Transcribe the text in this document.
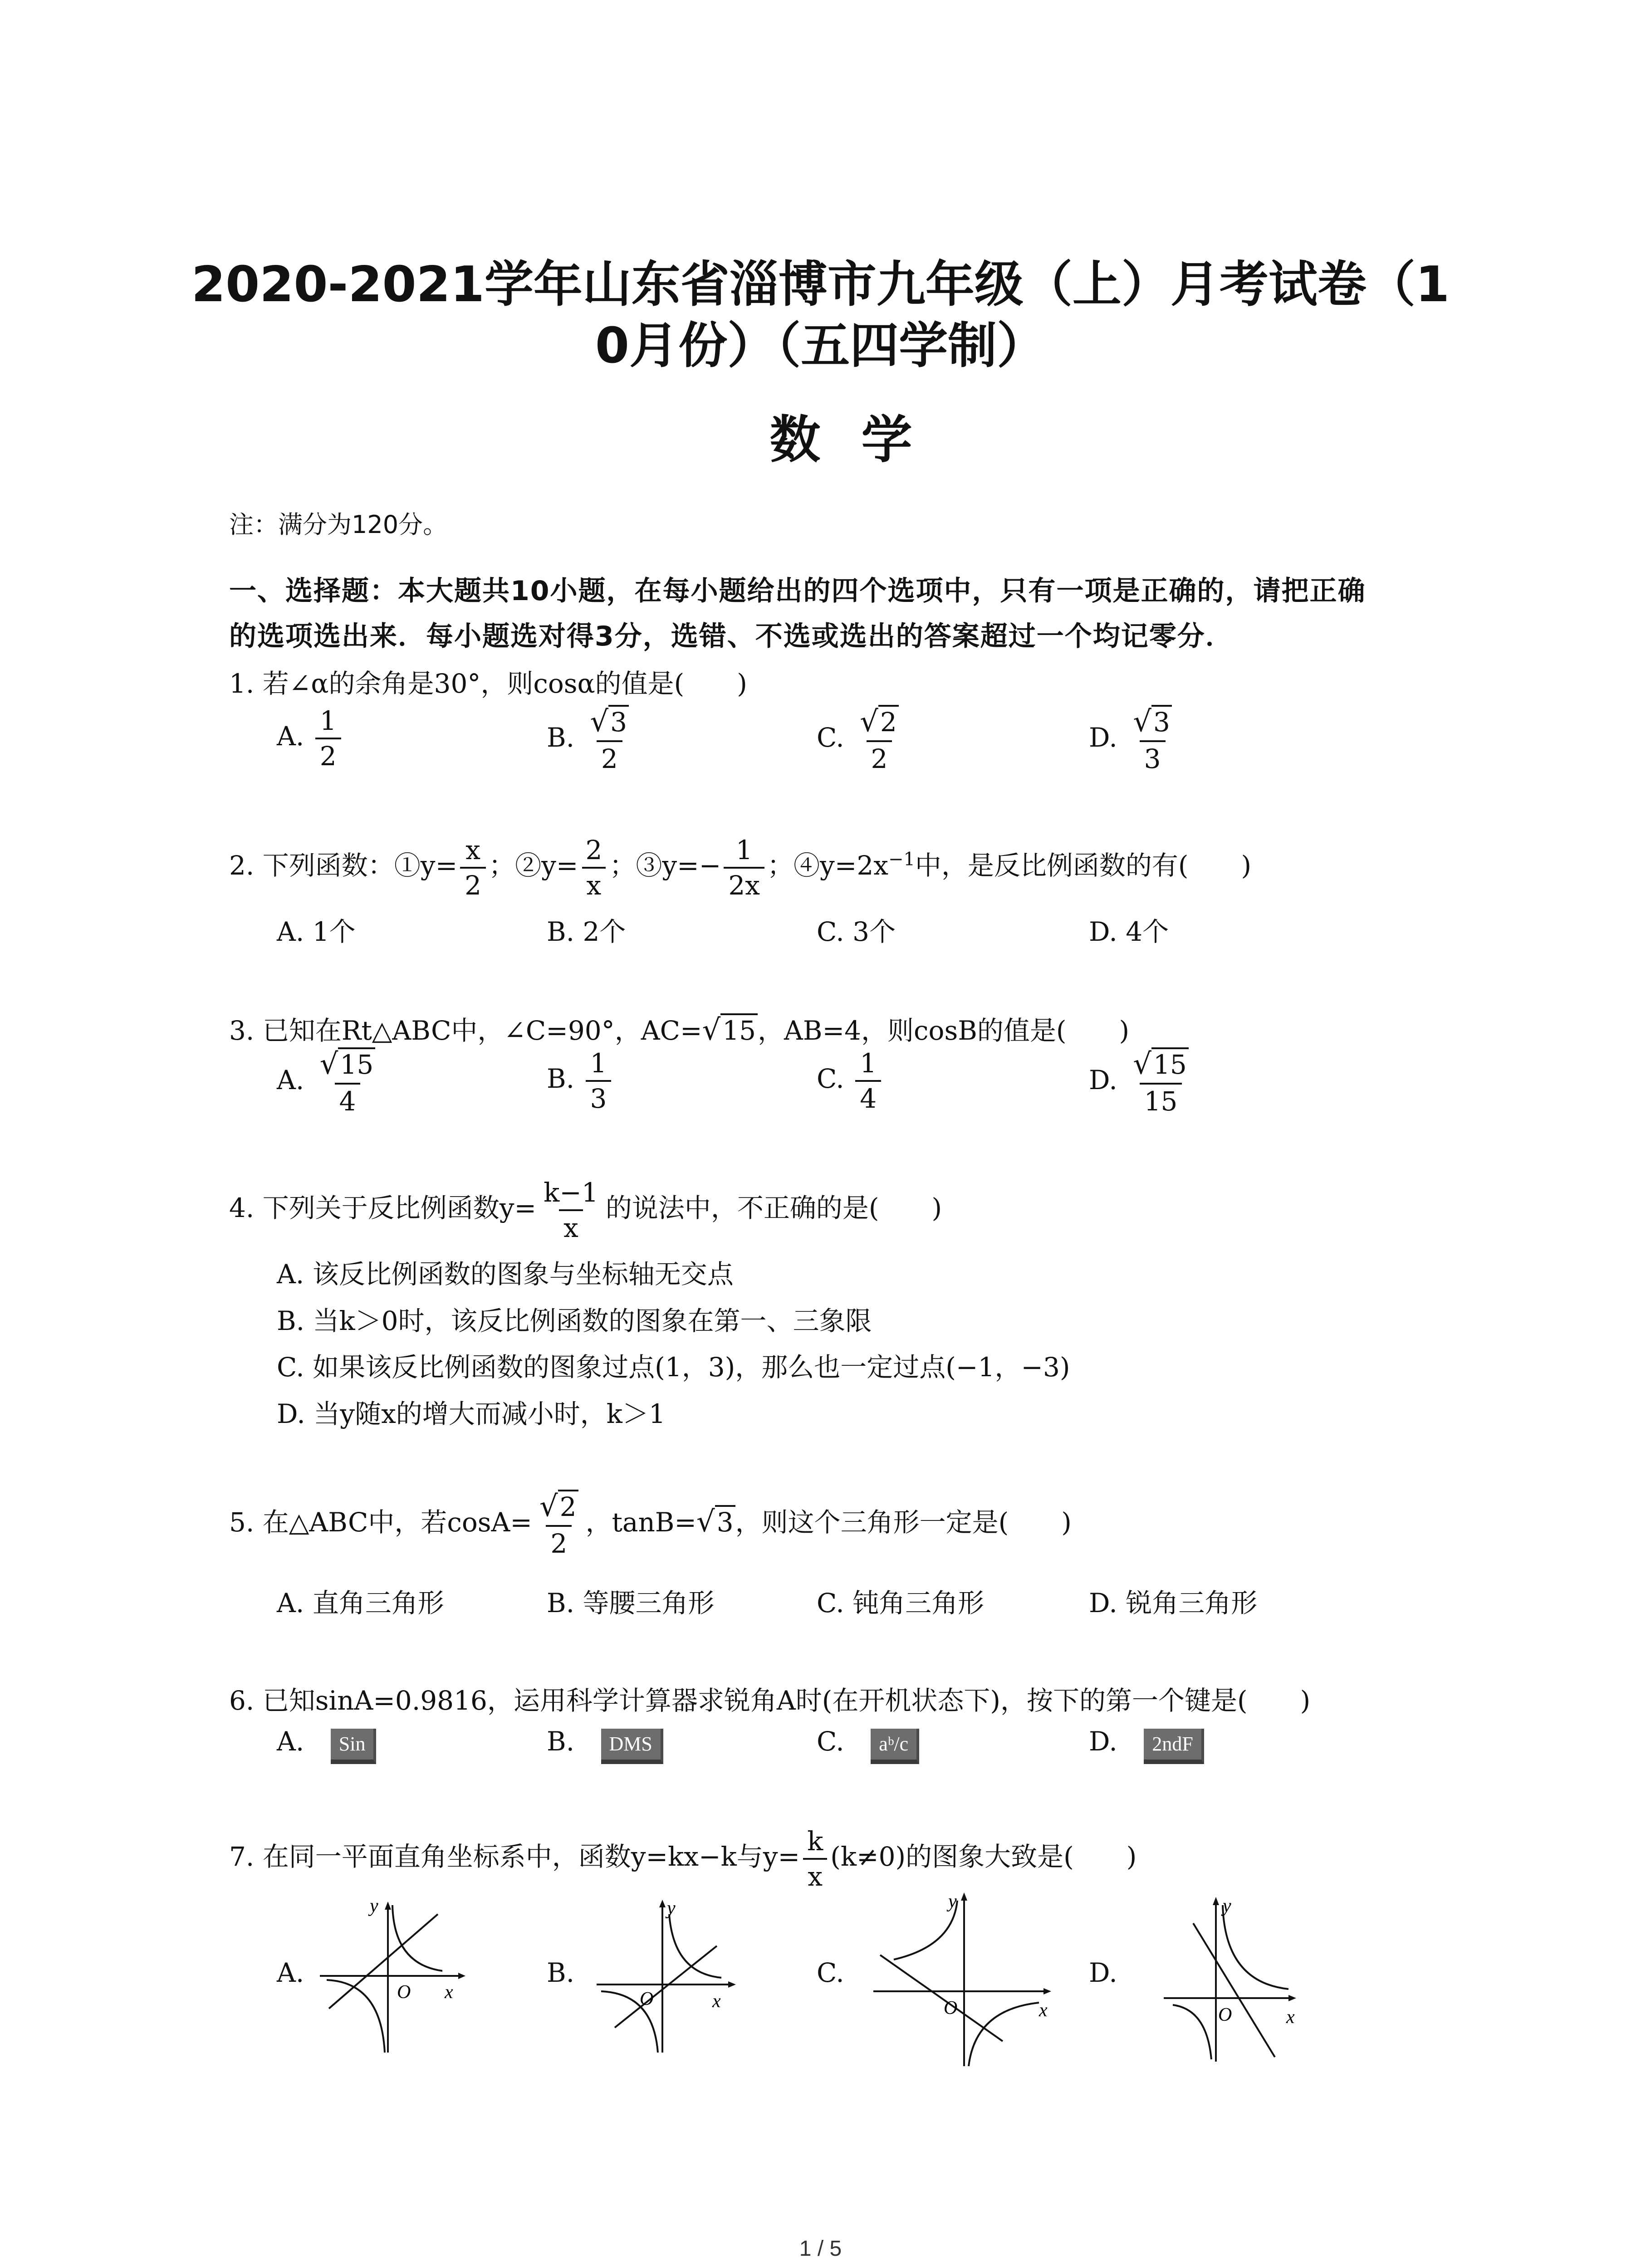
2020-2021学年山东省淄博市九年级（上）月考试卷（1
0月份）（五四学制）
数学
注：满分为120分。
一、选择题：本大题共10小题，在每小题给出的四个选项中，只有一项是正确的，请把正确
的选项选出来．每小题选对得3分，选错、不选或选出的答案超过一个均记零分．
1. 若∠α的余角是30°，则cosα的值是(　　)
A. $\frac{1}{2}$	B. $\frac{√3}{2}$	C. $\frac{√2}{2}$	D. $\frac{√3}{3}$
2. 下列函数：①y= $\frac{x}{2}$ ；②y= $\frac{2}{x}$ ；③y=− $\frac{1}{2x}$ ；$④y=2x^{-1}$中，是反比例函数的有(　　)
A. 1个	B. 2个	C. 3个	D. 4个
3. 已知在Rt△ABC中，∠C=90°，AC=√15，AB=4，则cosB的值是(　　)
A. $\frac{√15}{4}$	B. $\frac{1}{3}$	C. $\frac{1}{4}$	D. $\frac{√15}{15}$
4. 下列关于反比例函数$y= \frac{k-1}{x}$ 的说法中，不正确的是(　　)
A. 该反比例函数的图象与坐标轴无交点
B. 当k＞0时，该反比例函数的图象在第一、三象限
C. 如果该反比例函数的图象过点(1，3)，那么也一定过点(−1，−3)
D. 当y随x的增大而减小时，k＞1
5. 在△ABC中，若$\cos A= \frac{√2}{2}$ ，tanB=√3，则这个三角形一定是(　　)
A. 直角三角形	B. 等腰三角形	C. 钝角三角形	D. 锐角三角形
6. 已知sinA=0.9816，运用科学计算器求锐角A时(在开机状态下)，按下的第一个键是(　　)
A. Sin	B. DMS	C. aᵇ/c	D. 2ndF
7. 在同一平面直角坐标系中，函数y=kx−k与$y= \frac{k}{x} (k\ne 0)$的图象大致是(　　)
A.	B.	C.	D.
y
O x
y
O	x
y
O	x
y
O	x
1 / 5
